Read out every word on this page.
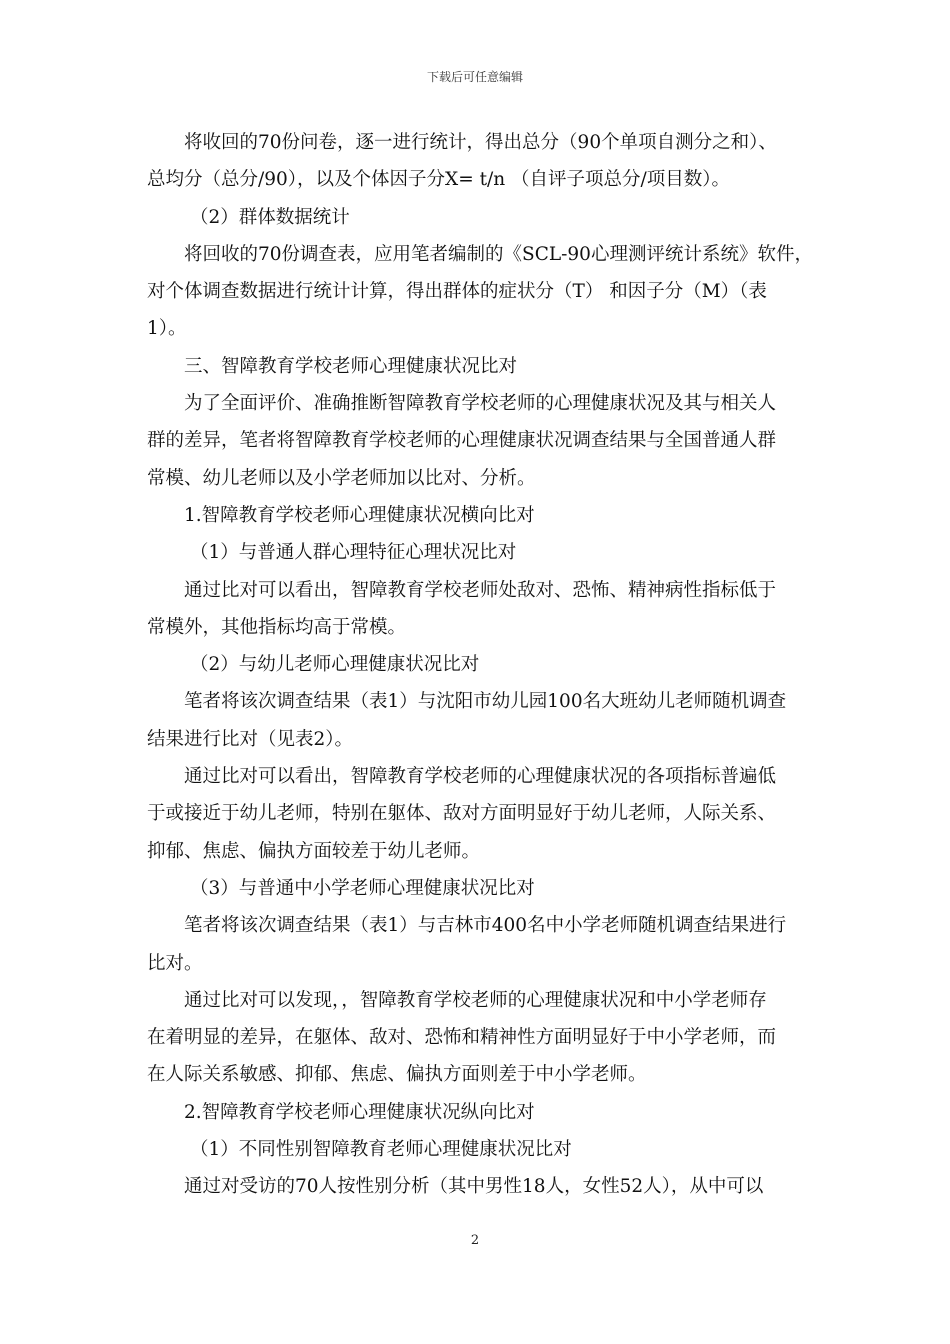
下载后可任意编辑
将收回的70份问卷，逐一进行统计，得出总分（90个单项自测分之和）、
总均分（总分/90），以及个体因子分X= t/n （自评子项总分/项目数）。
（2）群体数据统计
将回收的70份调查表，应用笔者编制的《SCL-90心理测评统计系统》软件，
对个体调查数据进行统计计算，得出群体的症状分（T） 和因子分（M）（表
1）。
三、智障教育学校老师心理健康状况比对
为了全面评价、准确推断智障教育学校老师的心理健康状况及其与相关人
群的差异，笔者将智障教育学校老师的心理健康状况调查结果与全国普通人群
常模、幼儿老师以及小学老师加以比对、分析。
1.智障教育学校老师心理健康状况横向比对
（1）与普通人群心理特征心理状况比对
通过比对可以看出，智障教育学校老师处敌对、恐怖、精神病性指标低于
常模外，其他指标均高于常模。
（2）与幼儿老师心理健康状况比对
笔者将该次调查结果（表1）与沈阳市幼儿园100名大班幼儿老师随机调查
结果进行比对（见表2）。
通过比对可以看出，智障教育学校老师的心理健康状况的各项指标普遍低
于或接近于幼儿老师，特别在躯体、敌对方面明显好于幼儿老师，人际关系、
抑郁、焦虑、偏执方面较差于幼儿老师。
（3）与普通中小学老师心理健康状况比对
笔者将该次调查结果（表1）与吉林市400名中小学老师随机调查结果进行
比对。
通过比对可以发现，，智障教育学校老师的心理健康状况和中小学老师存
在着明显的差异，在躯体、敌对、恐怖和精神性方面明显好于中小学老师，而
在人际关系敏感、抑郁、焦虑、偏执方面则差于中小学老师。
2.智障教育学校老师心理健康状况纵向比对
（1）不同性别智障教育老师心理健康状况比对
通过对受访的70人按性别分析（其中男性18人，女性52人），从中可以
2
